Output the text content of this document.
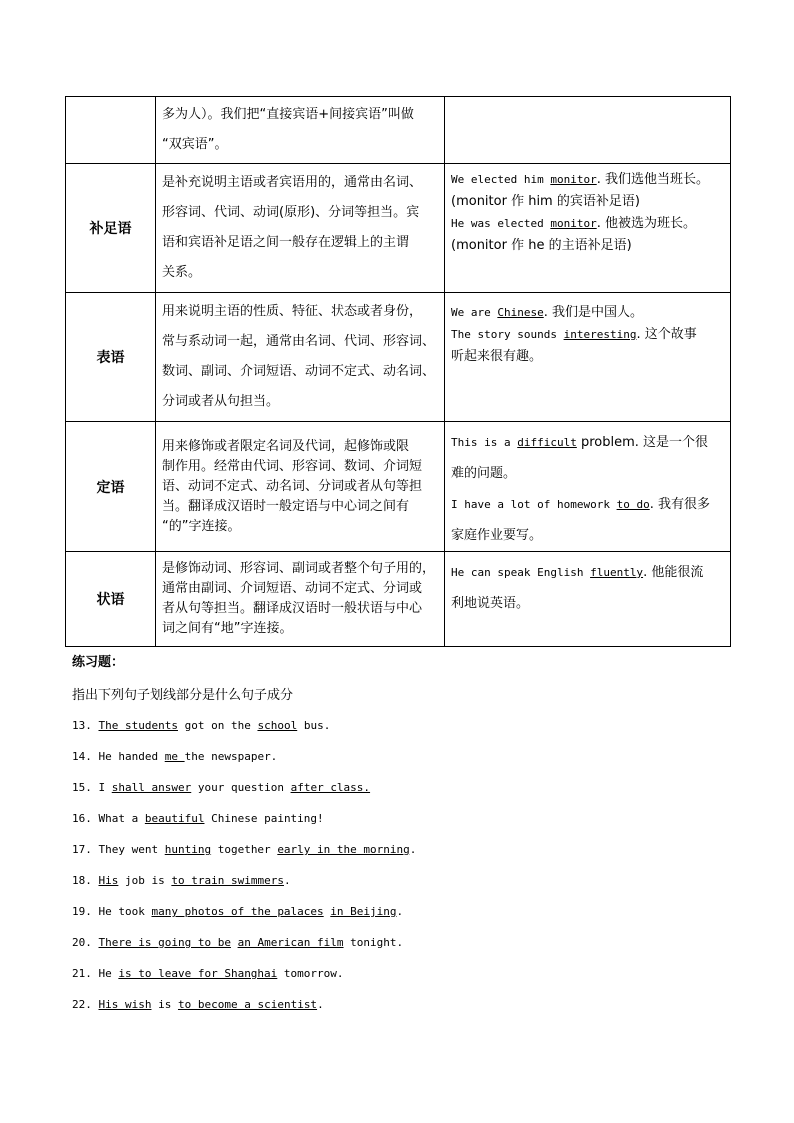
	多为人）。我们把“直接宾语+间接宾语”叫做
“双宾语”。	

补足语	是补充说明主语或者宾语用的，通常由名词、
形容词、代词、动词(原形)、分词等担当。宾
语和宾语补足语之间一般存在逻辑上的主谓
关系。	We elected him monitor. 我们选他当班长。
(monitor 作 him 的宾语补足语)
He was elected monitor. 他被选为班长。
(monitor 作 he 的主语补足语)

表语	用来说明主语的性质、特征、状态或者身份，
常与系动词一起，通常由名词、代词、形容词、
数词、副词、介词短语、动词不定式、动名词、
分词或者从句担当。	We are Chinese. 我们是中国人。
The story sounds interesting. 这个故事
听起来很有趣。

定语	用来修饰或者限定名词及代词，起修饰或限
制作用。经常由代词、形容词、数词、介词短
语、动词不定式、动名词、分词或者从句等担
当。翻译成汉语时一般定语与中心词之间有
“的”字连接。	This is a difficult problem. 这是一个很
难的问题。
I have a lot of homework to do. 我有很多
家庭作业要写。

状语	是修饰动词、形容词、副词或者整个句子用的，
通常由副词、介词短语、动词不定式、分词或
者从句等担当。翻译成汉语时一般状语与中心
词之间有“地”字连接。	He can speak English fluently. 他能很流
利地说英语。
练习题：
指出下列句子划线部分是什么句子成分
13. The students got on the school bus.
14. He handed me the newspaper.
15. I shall answer your question after class.
16. What a beautiful Chinese painting!
17. They went hunting together early in the morning.
18. His job is to train swimmers.
19. He took many photos of the palaces in Beijing.
20. There is going to be an American film tonight.
21. He is to leave for Shanghai tomorrow.
22. His wish is to become a scientist.
